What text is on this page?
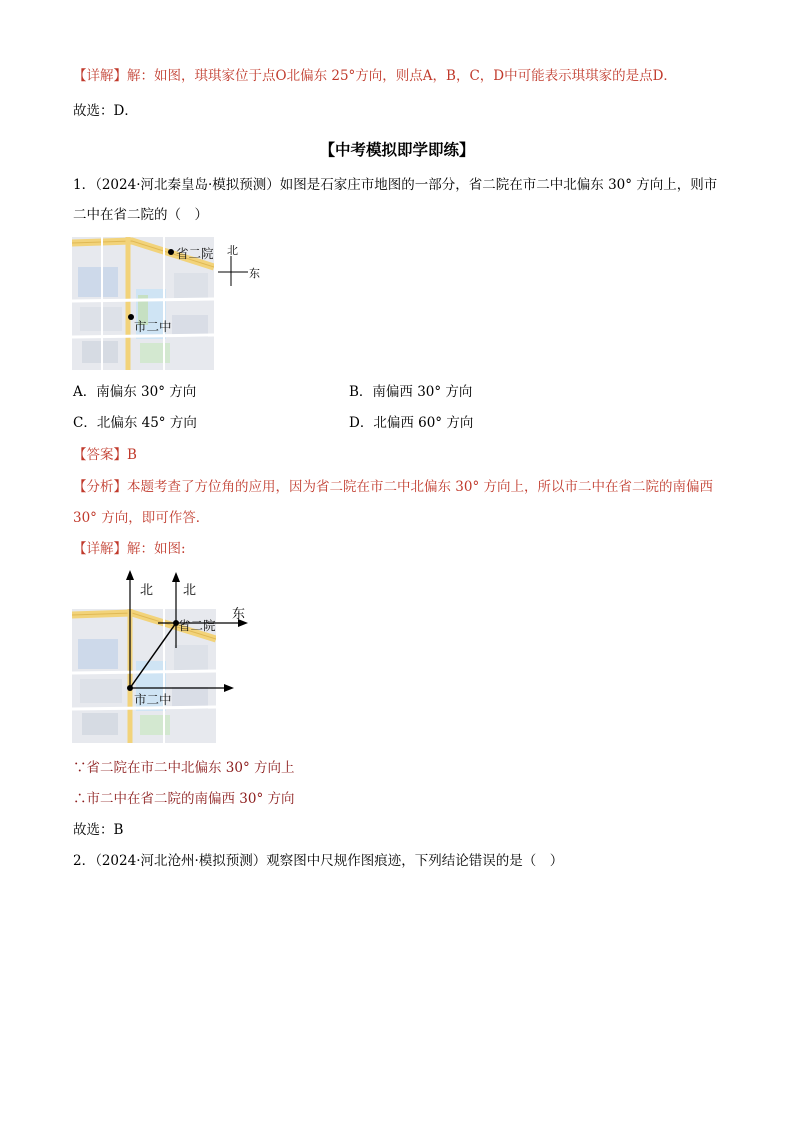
【详解】解：如图，琪琪家位于点O北偏东 25°方向，则点A，B，C，D中可能表示琪琪家的是点D．
故选：D．
【中考模拟即学即练】
1．（2024·河北秦皇岛·模拟预测）如图是石家庄市地图的一部分，省二院在市二中北偏东 30° 方向上，则市
二中在省二院的（　）
省二院
市二中
北
东
A．南偏东 30° 方向	B．南偏西 30° 方向
C．北偏东 45° 方向	D．北偏西 60° 方向
【答案】B
【分析】本题考查了方位角的应用，因为省二院在市二中北偏东 30° 方向上，所以市二中在省二院的南偏西
30° 方向，即可作答．
【详解】解：如图:
北 北
东
省二院
市二中
∵省二院在市二中北偏东 30° 方向上
∴市二中在省二院的南偏西 30° 方向
故选：B
2．（2024·河北沧州·模拟预测）观察图中尺规作图痕迹，下列结论错误的是（　）
